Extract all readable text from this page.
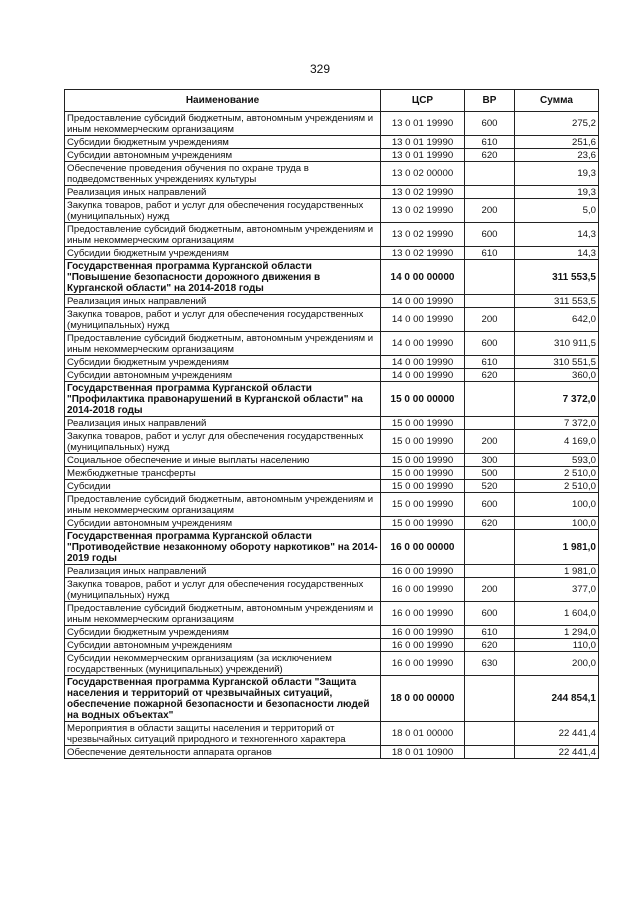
329
Наименование	ЦСР	ВР	Сумма
Предоставление субсидий бюджетным, автономным учреждениям и иным некоммерческим организациям	13 0 01 19990	600	275,2
Субсидии бюджетным учреждениям	13 0 01 19990	610	251,6
Субсидии автономным учреждениям	13 0 01 19990	620	23,6
Обеспечение проведения обучения по охране труда в подведомственных учреждениях культуры	13 0 02 00000		19,3
Реализация иных направлений	13 0 02 19990		19,3
Закупка товаров, работ и услуг для обеспечения государственных (муниципальных) нужд	13 0 02 19990	200	5,0
Предоставление субсидий бюджетным, автономным учреждениям и иным некоммерческим организациям	13 0 02 19990	600	14,3
Субсидии бюджетным учреждениям	13 0 02 19990	610	14,3
Государственная программа Курганской области "Повышение безопасности дорожного движения в Курганской области" на 2014-2018 годы	14 0 00 00000		311 553,5
Реализация иных направлений	14 0 00 19990		311 553,5
Закупка товаров, работ и услуг для обеспечения государственных (муниципальных) нужд	14 0 00 19990	200	642,0
Предоставление субсидий бюджетным, автономным учреждениям и иным некоммерческим организациям	14 0 00 19990	600	310 911,5
Субсидии бюджетным учреждениям	14 0 00 19990	610	310 551,5
Субсидии автономным учреждениям	14 0 00 19990	620	360,0
Государственная программа Курганской области "Профилактика правонарушений в Курганской области" на 2014-2018 годы	15 0 00 00000		7 372,0
Реализация иных направлений	15 0 00 19990		7 372,0
Закупка товаров, работ и услуг для обеспечения государственных (муниципальных) нужд	15 0 00 19990	200	4 169,0
Социальное обеспечение и иные выплаты населению	15 0 00 19990	300	593,0
Межбюджетные трансферты	15 0 00 19990	500	2 510,0
Субсидии	15 0 00 19990	520	2 510,0
Предоставление субсидий бюджетным, автономным учреждениям и иным некоммерческим организациям	15 0 00 19990	600	100,0
Субсидии автономным учреждениям	15 0 00 19990	620	100,0
Государственная программа Курганской области "Противодействие незаконному обороту наркотиков" на 2014-2019 годы	16 0 00 00000		1 981,0
Реализация иных направлений	16 0 00 19990		1 981,0
Закупка товаров, работ и услуг для обеспечения государственных (муниципальных) нужд	16 0 00 19990	200	377,0
Предоставление субсидий бюджетным, автономным учреждениям и иным некоммерческим организациям	16 0 00 19990	600	1 604,0
Субсидии бюджетным учреждениям	16 0 00 19990	610	1 294,0
Субсидии автономным учреждениям	16 0 00 19990	620	110,0
Субсидии некоммерческим организациям (за исключением государственных (муниципальных) учреждений)	16 0 00 19990	630	200,0
Государственная программа Курганской области "Защита населения и территорий от чрезвычайных ситуаций, обеспечение пожарной безопасности и безопасности людей на водных объектах"	18 0 00 00000		244 854,1
Мероприятия в области защиты населения и территорий от чрезвычайных ситуаций природного и техногенного характера	18 0 01 00000		22 441,4
Обеспечение деятельности аппарата органов	18 0 01 10900		22 441,4
